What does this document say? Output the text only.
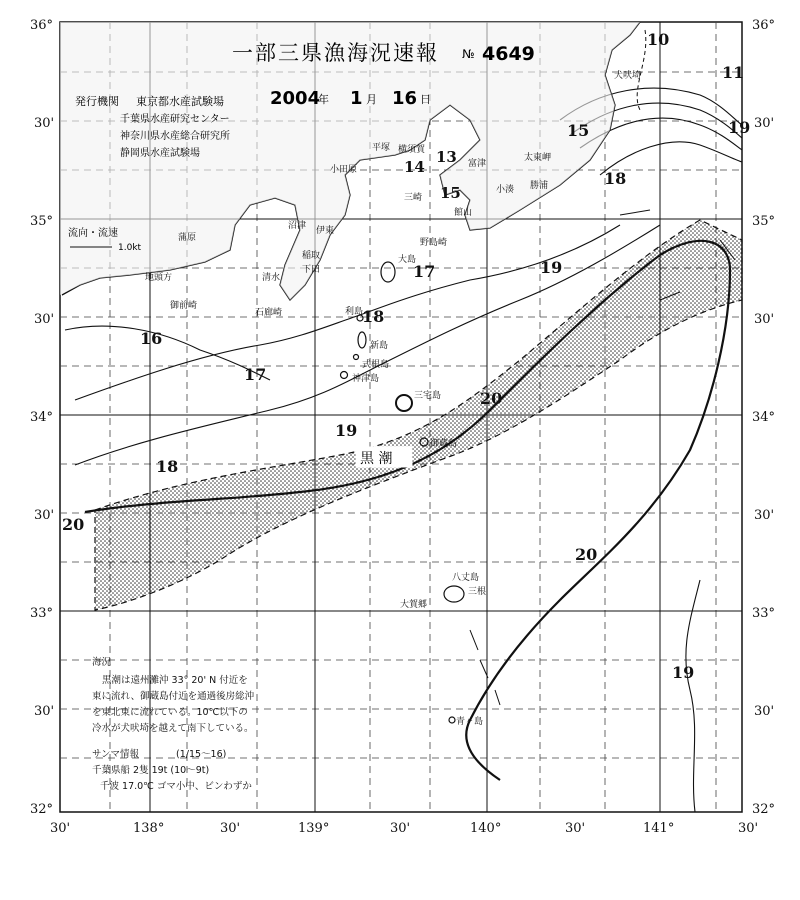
一部三県漁海況速報 № 4649
発行機関 東京都水産試験場
千葉県水産研究センター
神奈川県水産総合研究所
静岡県水産試験場
2004
年 1 月 16 日
流向・流速
1.0kt
36°
30'
35°
30'
34°
30'
33°
30'
32°
36°
30'
35°
30'
34°
30'
33°
30'
32°
30'	138°	30'	139°	30'	140°	30'	141°	30'
10
11
19
15
13
14
15
18
17	19
16
17
18
18
19
20
20
20
19
黒 潮
犬吠埼
平塚 横須賀
富津
小田原
太東岬
勝浦
小湊
館山
野島崎
三崎
沼津 伊東
稲取
下田
蒲原
清水
御前崎
地頭方
石廊崎
大島
利島
新島
式根島
神津島
三宅島
御蔵島
八丈島
青ヶ島
大賀郷
三根
海況
黒潮は遠州灘沖 33° 20' N 付近を
東に流れ、御蔵島付近を通過後房総沖
を東北東に流れている。10℃以下の
冷水が犬吠埼を越えて南下している。
サンマ情報	(1/15～16)
千葉県船 2隻 19t (10～9t)
千波 17.0℃ ゴマ小中、ビンわずか
